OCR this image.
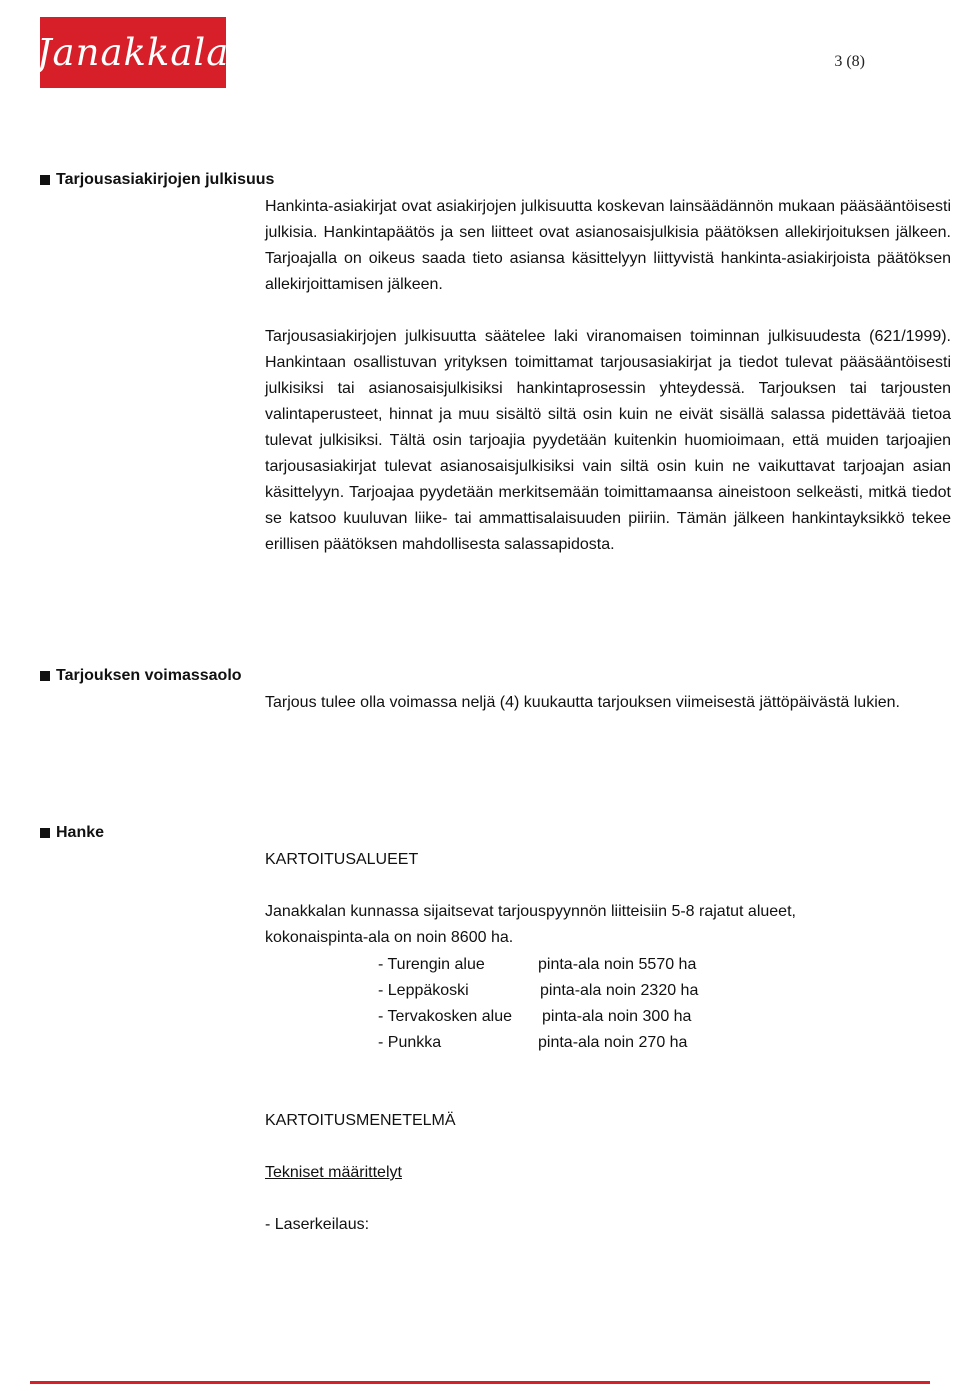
Janakkala	3 (8)
Tarjousasiakirjojen julkisuus

Hankinta-asiakirjat ovat asiakirjojen julkisuutta koskevan lainsäädännön mukaan pääsääntöisesti julkisia. Hankintapäätös ja sen liitteet ovat asianosaisjulkisia päätöksen allekirjoituksen jälkeen. Tarjoajalla on oikeus saada tieto asiansa käsittelyyn liittyvistä hankinta-asiakirjoista päätöksen allekirjoittamisen jälkeen.

Tarjousasiakirjojen julkisuutta säätelee laki viranomaisen toiminnan julkisuudesta (621/1999). Hankintaan osallistuvan yrityksen toimittamat tarjousasiakirjat ja tiedot tulevat pääsääntöisesti julkisiksi tai asianosaisjulkisiksi hankintaprosessin yhteydessä. Tarjouksen tai tarjousten valintaperusteet, hinnat ja muu sisältö siltä osin kuin ne eivät sisällä salassa pidettävää tietoa tulevat julkisiksi. Tältä osin tarjoajia pyydetään kuitenkin huomioimaan, että muiden tarjoajien tarjousasiakirjat tulevat asianosaisjulkisiksi vain siltä osin kuin ne vaikuttavat tarjoajan asian käsittelyyn. Tarjoajaa pyydetään merkitsemään toimittamaansa aineistoon selkeästi, mitkä tiedot se katsoo kuuluvan liike- tai ammattisalaisuuden piiriin. Tämän jälkeen hankintayksikkö tekee erillisen päätöksen mahdollisesta salassapidosta.

Tarjouksen voimassaolo

Tarjous tulee olla voimassa neljä (4) kuukautta tarjouksen viimeisestä jättöpäivästä lukien.

Hanke
KARTOITUSALUEET

Janakkalan kunnassa sijaitsevat tarjouspyynnön liitteisiin 5-8 rajatut alueet, kokonaispinta-ala on noin 8600 ha.

- Turengin alue	pinta-ala noin 5570 ha
- Leppäkoski	pinta-ala noin 2320 ha
- Tervakosken alue pinta-ala noin 300 ha
- Punkka	pinta-ala noin 270 ha
KARTOITUSMENETELMÄ
Tekniset määrittelyt
- Laserkeilaus:
